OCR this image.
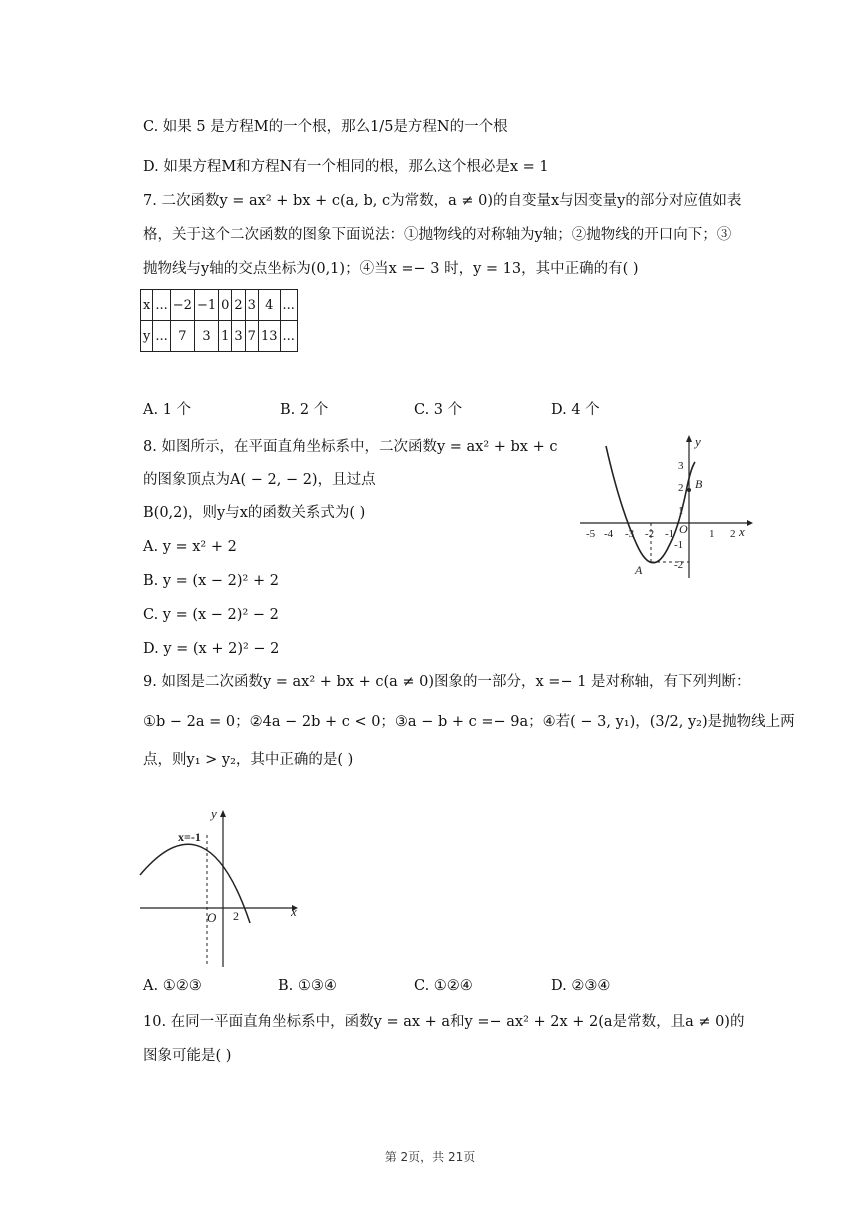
C. 如果 5 是方程M的一个根，那么1/5是方程N的一个根
D. 如果方程M和方程N有一个相同的根，那么这个根必是x = 1
7. 二次函数y = ax² + bx + c(a, b, c为常数，a ≠ 0)的自变量x与因变量y的部分对应值如表
格，关于这个二次函数的图象下面说法：①抛物线的对称轴为y轴；②抛物线的开口向下；③
抛物线与y轴的交点坐标为(0,1)；④当x =− 3 时，y = 13，其中正确的有( )
x	...	−2	−1	0	2	3	4	...
y	...	7	3	1	3	7	13	...
A. 1 个	B. 2 个	C. 3 个	D. 4 个
8. 如图所示，在平面直角坐标系中，二次函数y = ax² + bx + c
的图象顶点为A( − 2, − 2)，且过点
B(0,2)，则y与x的函数关系式为( )
A. y = x² + 2
B. y = (x − 2)² + 2
C. y = (x − 2)² − 2
D. y = (x + 2)² − 2
-5 -4 -3 -2 -1 O 1 2 x
3
2
1
-1
-2
y
A
B
9. 如图是二次函数y = ax² + bx + c(a ≠ 0)图象的一部分，x =− 1 是对称轴，有下列判断：
①b − 2a = 0；②4a − 2b + c < 0；③a − b + c =− 9a；④若( − 3, y₁)，(3/2, y₂)是抛物线上两
点，则y₁ > y₂，其中正确的是( )
x=-1
O 2	x
y
A. ①②③	B. ①③④	C. ①②④	D. ②③④
10. 在同一平面直角坐标系中，函数y = ax + a和y =− ax² + 2x + 2(a是常数，且a ≠ 0)的
图象可能是( )
第 2页，共 21页
